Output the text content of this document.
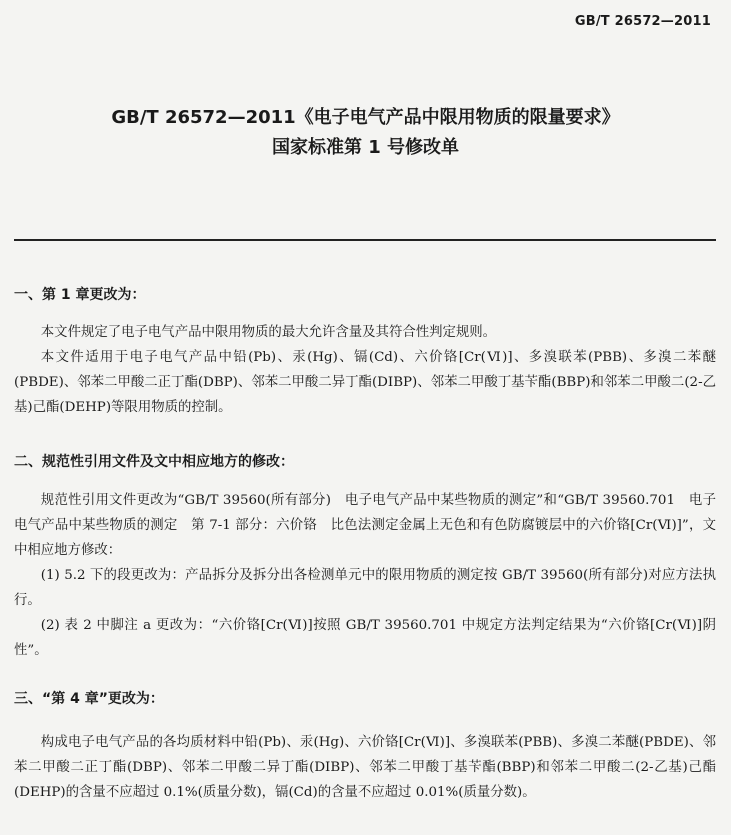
GB/T 26572—2011
GB/T 26572—2011《电子电气产品中限用物质的限量要求》
国家标准第 1 号修改单
一、第 1 章更改为：
本文件规定了电子电气产品中限用物质的最大允许含量及其符合性判定规则。
本文件适用于电子电气产品中铅(Pb)、汞(Hg)、镉(Cd)、六价铬[Cr(Ⅵ)]、多溴联苯(PBB)、多溴二苯醚(PBDE)、邻苯二甲酸二正丁酯(DBP)、邻苯二甲酸二异丁酯(DIBP)、邻苯二甲酸丁基苄酯(BBP)和邻苯二甲酸二(2-乙基)己酯(DEHP)等限用物质的控制。
二、规范性引用文件及文中相应地方的修改：
规范性引用文件更改为“GB/T 39560(所有部分)　电子电气产品中某些物质的测定”和“GB/T 39560.701　电子电气产品中某些物质的测定　第 7-1 部分：六价铬　比色法测定金属上无色和有色防腐镀层中的六价铬[Cr(Ⅵ)]”，文中相应地方修改：
(1) 5.2 下的段更改为：产品拆分及拆分出各检测单元中的限用物质的测定按 GB/T 39560(所有部分)对应方法执行。
(2) 表 2 中脚注 a 更改为：“六价铬[Cr(Ⅵ)]按照 GB/T 39560.701 中规定方法判定结果为“六价铬[Cr(Ⅵ)]阴性”。
三、“第 4 章”更改为：
构成电子电气产品的各均质材料中铅(Pb)、汞(Hg)、六价铬[Cr(Ⅵ)]、多溴联苯(PBB)、多溴二苯醚(PBDE)、邻苯二甲酸二正丁酯(DBP)、邻苯二甲酸二异丁酯(DIBP)、邻苯二甲酸丁基苄酯(BBP)和邻苯二甲酸二(2-乙基)己酯(DEHP)的含量不应超过 0.1%(质量分数)，镉(Cd)的含量不应超过 0.01%(质量分数)。
